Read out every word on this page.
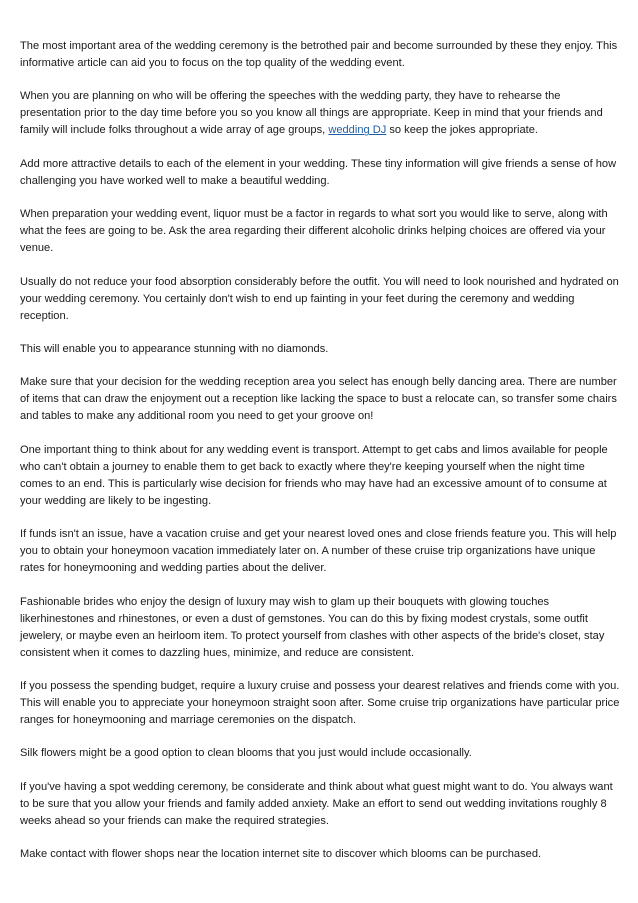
The most important area of the wedding ceremony is the betrothed pair and become surrounded by these they enjoy. This informative article can aid you to focus on the top quality of the wedding event.

When you are planning on who will be offering the speeches with the wedding party, they have to rehearse the presentation prior to the day time before you so you know all things are appropriate. Keep in mind that your friends and family will include folks throughout a wide array of age groups, wedding DJ so keep the jokes appropriate.

Add more attractive details to each of the element in your wedding. These tiny information will give friends a sense of how challenging you have worked well to make a beautiful wedding.

When preparation your wedding event, liquor must be a factor in regards to what sort you would like to serve, along with what the fees are going to be. Ask the area regarding their different alcoholic drinks helping choices are offered via your venue.

Usually do not reduce your food absorption considerably before the outfit. You will need to look nourished and hydrated on your wedding ceremony. You certainly don't wish to end up fainting in your feet during the ceremony and wedding reception.

This will enable you to appearance stunning with no diamonds.

Make sure that your decision for the wedding reception area you select has enough belly dancing area. There are number of items that can draw the enjoyment out a reception like lacking the space to bust a relocate can, so transfer some chairs and tables to make any additional room you need to get your groove on!

One important thing to think about for any wedding event is transport. Attempt to get cabs and limos available for people who can't obtain a journey to enable them to get back to exactly where they're keeping yourself when the night time comes to an end. This is particularly wise decision for friends who may have had an excessive amount of to consume at your wedding are likely to be ingesting.

If funds isn't an issue, have a vacation cruise and get your nearest loved ones and close friends feature you. This will help you to obtain your honeymoon vacation immediately later on. A number of these cruise trip organizations have unique rates for honeymooning and wedding parties about the deliver.

Fashionable brides who enjoy the design of luxury may wish to glam up their bouquets with glowing touches likerhinestones and rhinestones, or even a dust of gemstones. You can do this by fixing modest crystals, some outfit jewelery, or maybe even an heirloom item. To protect yourself from clashes with other aspects of the bride's closet, stay consistent when it comes to dazzling hues, minimize, and reduce are consistent.

If you possess the spending budget, require a luxury cruise and possess your dearest relatives and friends come with you. This will enable you to appreciate your honeymoon straight soon after. Some cruise trip organizations have particular price ranges for honeymooning and marriage ceremonies on the dispatch.

Silk flowers might be a good option to clean blooms that you just would include occasionally.

If you've having a spot wedding ceremony, be considerate and think about what guest might want to do. You always want to be sure that you allow your friends and family added anxiety. Make an effort to send out wedding invitations roughly 8 weeks ahead so your friends can make the required strategies.

Make contact with flower shops near the location internet site to discover which blooms can be purchased.
